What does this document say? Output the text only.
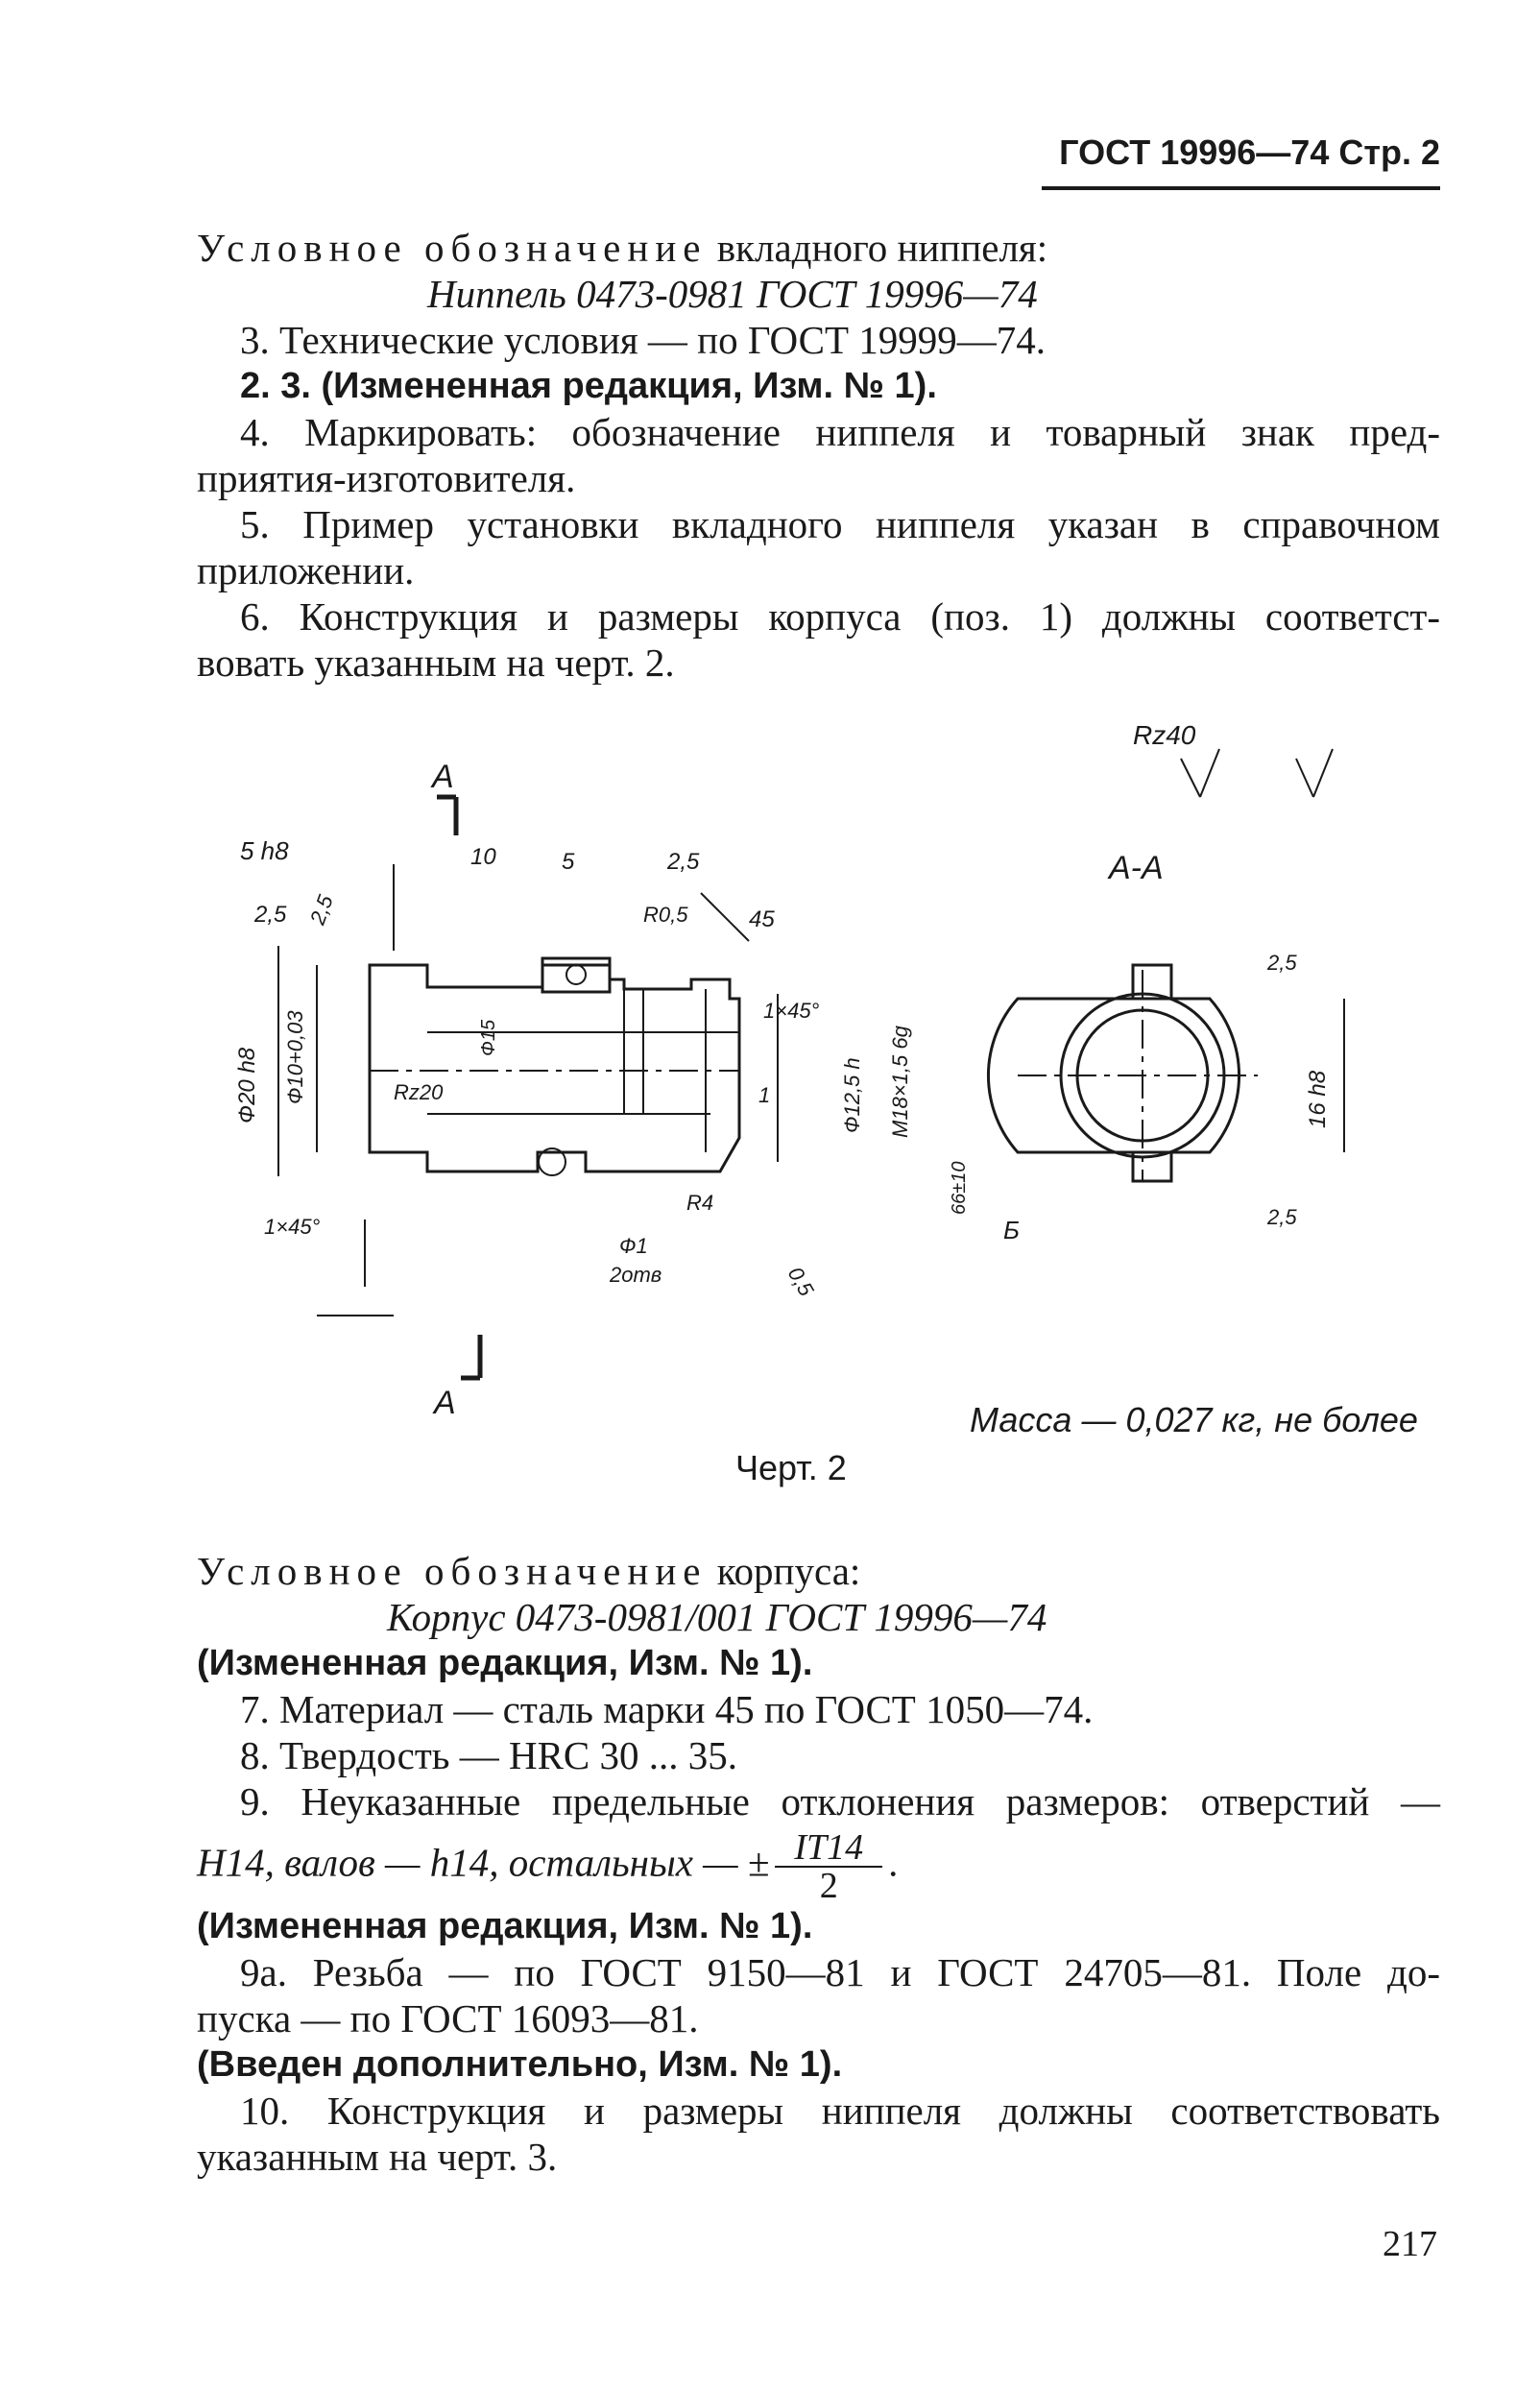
ГОСТ 19996—74 Стр. 2
Условное обозначение вкладного ниппеля:
Ниппель 0473-0981 ГОСТ 19996—74
3. Технические условия — по ГОСТ 19999—74.
2. 3. (Измененная редакция, Изм. № 1).
4. Маркировать: обозначение ниппеля и товарный знак пред-
приятия-изготовителя.
5. Пример установки вкладного ниппеля указан в справочном
приложении.
6. Конструкция и размеры корпуса (поз. 1) должны соответст-
вовать указанным на черт. 2.
A
A
А-А
Rz40
5 h8	10	5	2,5
2,5 2,5
2,5
2,5
R0,5	45
1×45°
1×45°
Ф20 h8 Ф10+0,03	Ф15
Rz20	Ф12,5 h M18×1,5 6g
66±10
Ф1
2отв
R4
16 h8
Б
0,5
1
Масса — 0,027 кг, не более
Черт. 2
Условное обозначение корпуса:
Корпус 0473-0981/001 ГОСТ 19996—74
(Измененная редакция, Изм. № 1).
7. Материал — сталь марки 45 по ГОСТ 1050—74.
8. Твердость — HRC 30 ... 35.
9. Неуказанные предельные отклонения размеров: отверстий —
H14, валов — h14, остальных — ± $\frac{IT14}{2}$ .
(Измененная редакция, Изм. № 1).
9а. Резьба — по ГОСТ 9150—81 и ГОСТ 24705—81. Поле до-
пуска — по ГОСТ 16093—81.
(Введен дополнительно, Изм. № 1).
10. Конструкция и размеры ниппеля должны соответствовать
указанным на черт. 3.
217
